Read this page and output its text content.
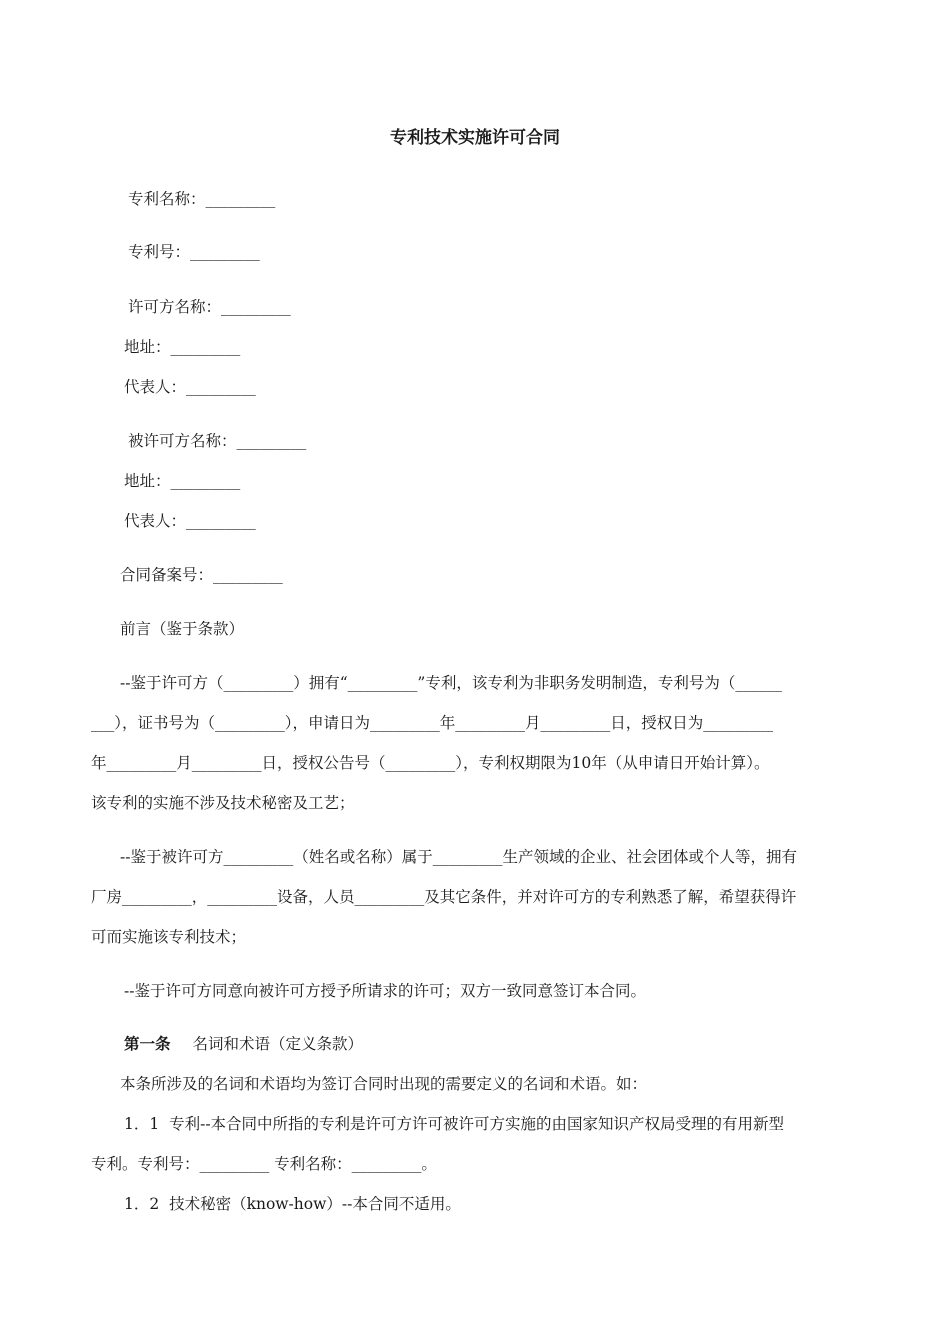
专利技术实施许可合同
专利名称：_________
专利号：_________
许可方名称：_________
地址：_________
代表人：_________
被许可方名称：_________
地址：_________
代表人：_________
合同备案号：_________
前言（鉴于条款）
--鉴于许可方（_________）拥有“_________”专利，该专利为非职务发明制造，专利号为（______
___），证书号为（_________），申请日为_________年_________月_________日，授权日为_________
年_________月_________日，授权公告号（_________），专利权期限为10年（从申请日开始计算）。
该专利的实施不涉及技术秘密及工艺；
--鉴于被许可方_________（姓名或名称）属于_________生产领域的企业、社会团体或个人等，拥有
厂房_________，_________设备，人员_________及其它条件，并对许可方的专利熟悉了解，希望获得许
可而实施该专利技术；
--鉴于许可方同意向被许可方授予所请求的许可；双方一致同意签订本合同。
第一条 名词和术语（定义条款）
本条所涉及的名词和术语均为签订合同时出现的需要定义的名词和术语。如：
1．1  专利--本合同中所指的专利是许可方许可被许可方实施的由国家知识产权局受理的有用新型
专利。专利号：_________ 专利名称：_________。
1．2  技术秘密（know-how）--本合同不适用。
